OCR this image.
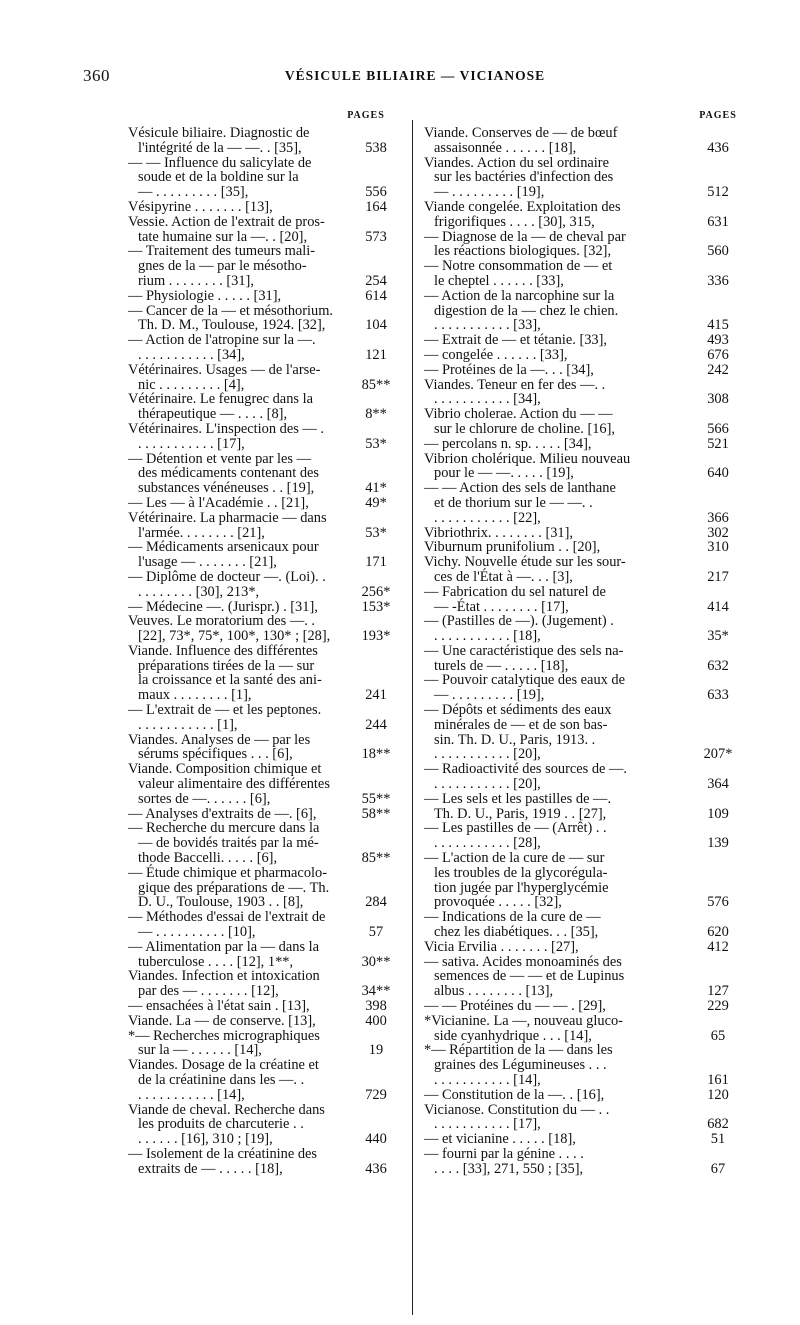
360	VÉSICULE BILIAIRE — VICIANOSE
PAGES	PAGES
Vésicule biliaire. Diagnostic de
l'intégrité de la — —. . [35],	538
— — Influence du salicylate de
soude et de la boldine sur la
— . . . . . . . . . [35],	556
Vésipyrine . . . . . . . [13],	164
Vessie. Action de l'extrait de pros-
tate humaine sur la —. . [20],	573
— Traitement des tumeurs mali-
gnes de la — par le mésotho-
rium . . . . . . . . [31],	254
— Physiologie . . . . . [31],	614
— Cancer de la — et mésothorium.
Th. D. M., Toulouse, 1924. [32],	104
— Action de l'atropine sur la —.
. . . . . . . . . . . [34],	121
Vétérinaires. Usages — de l'arse-
nic . . . . . . . . . [4],	85**
Vétérinaire. Le fenugrec dans la
thérapeutique — . . . . [8],	8**
Vétérinaires. L'inspection des — .
. . . . . . . . . . . [17],	53*
— Détention et vente par les —
des médicaments contenant des
substances vénéneuses . . [19],	41*
— Les — à l'Académie . . [21],	49*
Vétérinaire. La pharmacie — dans
l'armée. . . . . . . . [21],	53*
— Médicaments arsenicaux pour
l'usage — . . . . . . . [21],	171
— Diplôme de docteur —. (Loi). .
. . . . . . . . [30], 213*,	256*
— Médecine —. (Jurispr.) . [31],	153*
Veuves. Le moratorium des —. .
[22], 73*, 75*, 100*, 130* ; [28],	193*
Viande. Influence des différentes
préparations tirées de la — sur
la croissance et la santé des ani-
maux . . . . . . . . [1],	241
— L'extrait de — et les peptones.
. . . . . . . . . . . [1],	244
Viandes. Analyses de — par les
sérums spécifiques . . . [6],	18**
Viande. Composition chimique et
valeur alimentaire des différentes
sortes de —. . . . . . [6],	55**
— Analyses d'extraits de —. [6],	58**
— Recherche du mercure dans la
— de bovidés traités par la mé-
thode Baccelli. . . . . [6],	85**
— Étude chimique et pharmacolo-
gique des préparations de —. Th.
D. U., Toulouse, 1903 . . [8],	284
— Méthodes d'essai de l'extrait de
— . . . . . . . . . . [10],	57
— Alimentation par la — dans la
tuberculose . . . . [12], 1**,	30**
Viandes. Infection et intoxication
par des — . . . . . . . [12],	34**
— ensachées à l'état sain . [13],	398
Viande. La — de conserve. [13],	400
*— Recherches micrographiques
sur la — . . . . . . [14],	19
Viandes. Dosage de la créatine et
de la créatinine dans les —. .
. . . . . . . . . . . [14],	729
Viande de cheval. Recherche dans
les produits de charcuterie . .
. . . . . . [16], 310 ; [19],	440
— Isolement de la créatinine des
extraits de — . . . . . [18],	436
Viande. Conserves de — de bœuf
assaisonnée . . . . . . [18],	436
Viandes. Action du sel ordinaire
sur les bactéries d'infection des
— . . . . . . . . . [19],	512
Viande congelée. Exploitation des
frigorifiques . . . . [30], 315,	631
— Diagnose de la — de cheval par
les réactions biologiques. [32],	560
— Notre consommation de — et
le cheptel . . . . . . [33],	336
— Action de la narcophine sur la
digestion de la — chez le chien.
. . . . . . . . . . . [33],	415
— Extrait de — et tétanie. [33],	493
— congelée . . . . . . [33],	676
— Protéines de la —. . . [34],	242
Viandes. Teneur en fer des —. .
. . . . . . . . . . . [34],	308
Vibrio cholerae. Action du — —
sur le chlorure de choline. [16],	566
— percolans n. sp. . . . . [34],	521
Vibrion cholérique. Milieu nouveau
pour le — —. . . . . [19],	640
— — Action des sels de lanthane
et de thorium sur le — —. .
. . . . . . . . . . . [22],	366
Vibriothrix. . . . . . . . [31],	302
Viburnum prunifolium . . [20],	310
Vichy. Nouvelle étude sur les sour-
ces de l'État à —. . . [3],	217
— Fabrication du sel naturel de
— -État . . . . . . . . [17],	414
— (Pastilles de —). (Jugement) .
. . . . . . . . . . . [18],	35*
— Une caractéristique des sels na-
turels de — . . . . . [18],	632
— Pouvoir catalytique des eaux de
— . . . . . . . . . [19],	633
— Dépôts et sédiments des eaux
minérales de — et de son bas-
sin. Th. D. U., Paris, 1913. .
. . . . . . . . . . . [20],	207*
— Radioactivité des sources de —.
. . . . . . . . . . . [20],	364
— Les sels et les pastilles de —.
Th. D. U., Paris, 1919 . . [27],	109
— Les pastilles de — (Arrêt) . .
. . . . . . . . . . . [28],	139
— L'action de la cure de — sur
les troubles de la glycorégula-
tion jugée par l'hyperglycémie
provoquée . . . . . [32],	576
— Indications de la cure de —
chez les diabétiques. . . [35],	620
Vicia Ervilia . . . . . . . [27],	412
— sativa. Acides monoaminés des
semences de — — et de Lupinus
albus . . . . . . . . [13],	127
— — Protéines du — — . [29],	229
*Vicianine. La —, nouveau gluco-
side cyanhydrique . . . [14],	65
*— Répartition de la — dans les
graines des Légumineuses . . .
. . . . . . . . . . . [14],	161
— Constitution de la —. . [16],	120
Vicianose. Constitution du — . .
. . . . . . . . . . . [17],	682
— et vicianine . . . . . [18],	51
— fourni par la génine . . . .
. . . . [33], 271, 550 ; [35],	67
